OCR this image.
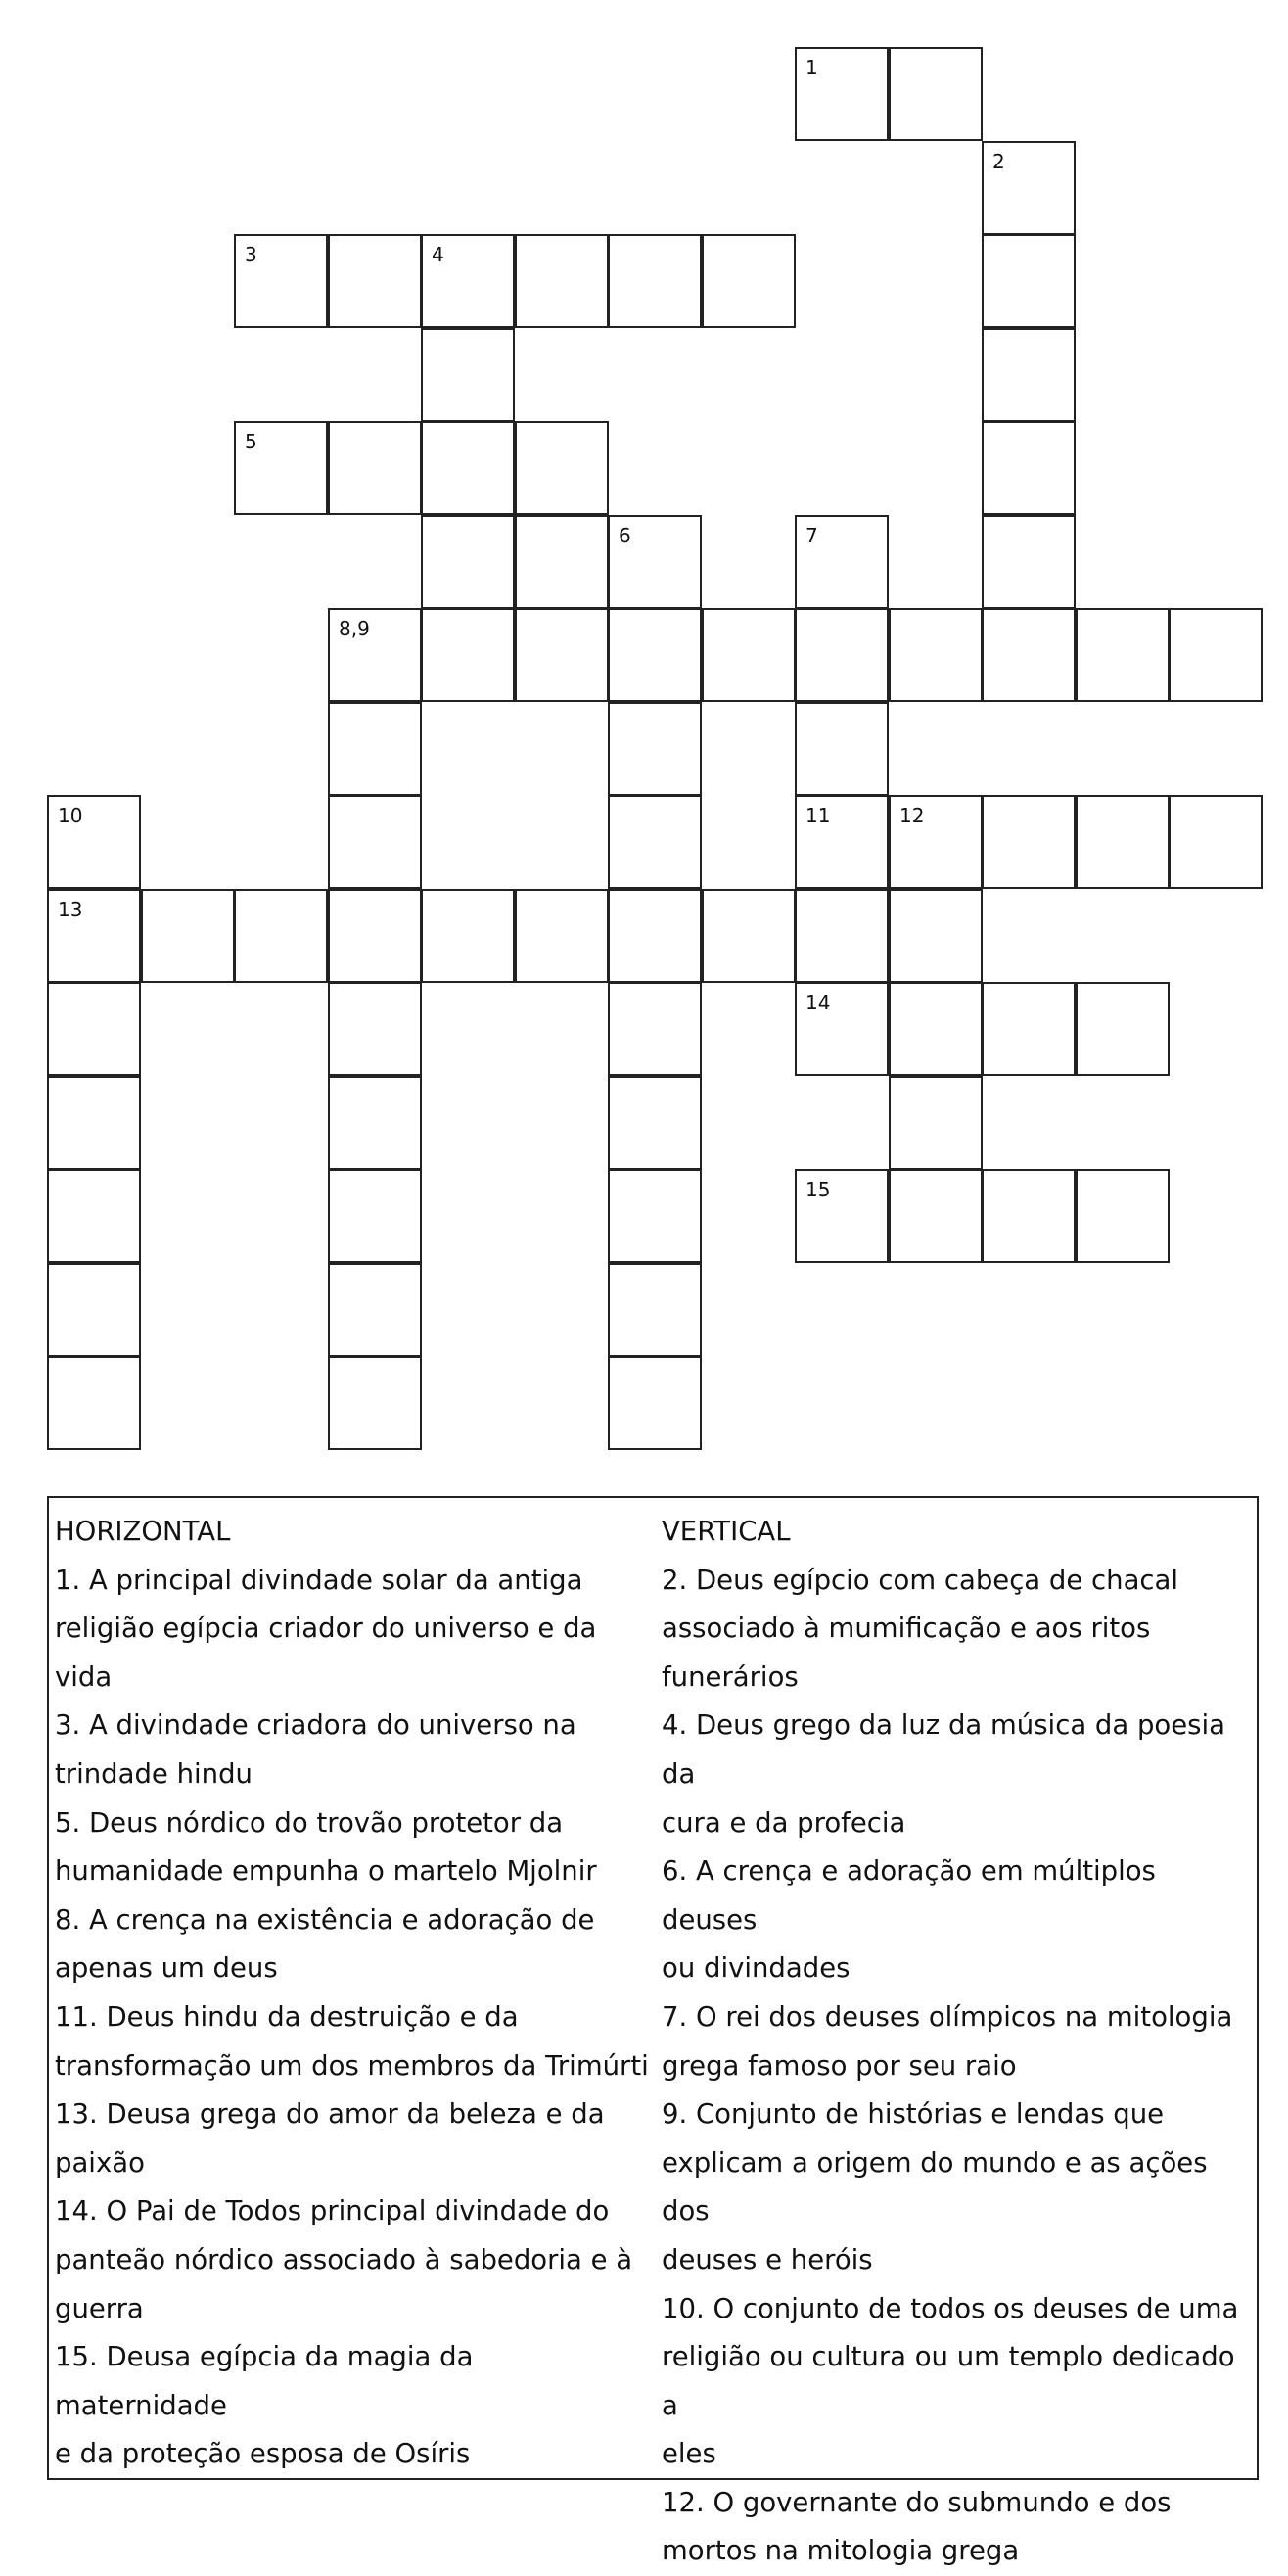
1
2
3	4
5
6	7
8,9
10	11	12
13
14
15
HORIZONTAL
1. A principal divindade solar da antiga
religião egípcia criador do universo e da
vida
3. A divindade criadora do universo na
trindade hindu
5. Deus nórdico do trovão protetor da
humanidade empunha o martelo Mjolnir
8. A crença na existência e adoração de
apenas um deus
11. Deus hindu da destruição e da
transformação um dos membros da Trimúrti
13. Deusa grega do amor da beleza e da
paixão
14. O Pai de Todos principal divindade do
panteão nórdico associado à sabedoria e à
guerra
15. Deusa egípcia da magia da maternidade
e da proteção esposa de Osíris
VERTICAL
2. Deus egípcio com cabeça de chacal
associado à mumificação e aos ritos
funerários
4. Deus grego da luz da música da poesia da
cura e da profecia
6. A crença e adoração em múltiplos deuses
ou divindades
7. O rei dos deuses olímpicos na mitologia
grega famoso por seu raio
9. Conjunto de histórias e lendas que
explicam a origem do mundo e as ações dos
deuses e heróis
10. O conjunto de todos os deuses de uma
religião ou cultura ou um templo dedicado a
eles
12. O governante do submundo e dos
mortos na mitologia grega
